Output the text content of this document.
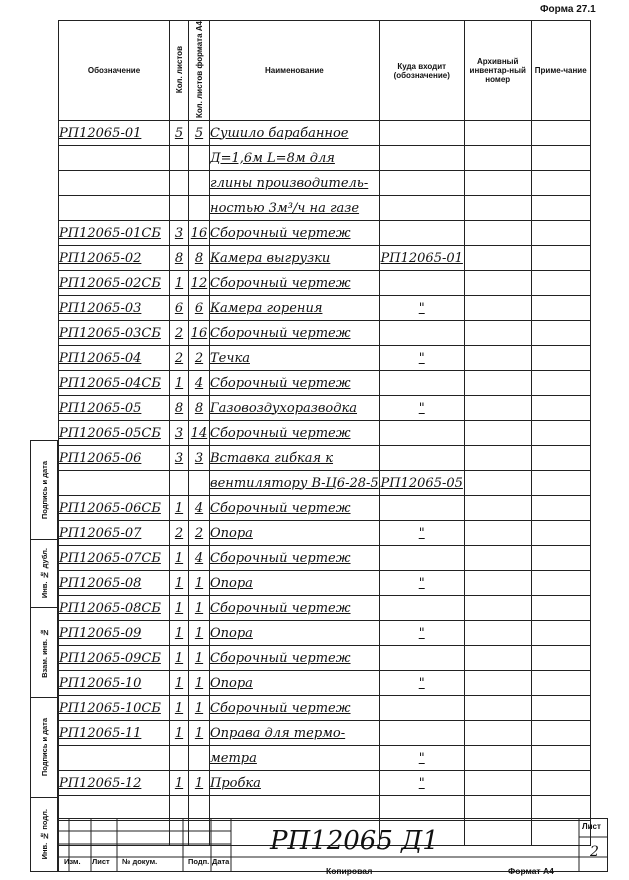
Форма 27.1
Обозначение	Кол. листов	Кол. листов формата А4	Наименование	Куда входит (обозначение)	Архивный инвентар-ный номер	Приме-чание
РП12065-01	5	5	Сушило барабанное			
			Д=1,6м L=8м для			
			глины производитель-			
			ностью 3м³/ч на газе			
РП12065-01СБ	3	16	Сборочный чертеж			
РП12065-02	8	8	Камера выгрузки	РП12065-01		
РП12065-02СБ	1	12	Сборочный чертеж			
РП12065-03	6	6	Камера горения	"		
РП12065-03СБ	2	16	Сборочный чертеж			
РП12065-04	2	2	Течка	"		
РП12065-04СБ	1	4	Сборочный чертеж			
РП12065-05	8	8	Газовоздухоразводка	"		
РП12065-05СБ	3	14	Сборочный чертеж			
РП12065-06	3	3	Вставка гибкая к			
			вентилятору В-Ц6-28-5	РП12065-05		
РП12065-06СБ	1	4	Сборочный чертеж			
РП12065-07	2	2	Опора	"		
РП12065-07СБ	1	4	Сборочный чертеж			
РП12065-08	1	1	Опора	"		
РП12065-08СБ	1	1	Сборочный чертеж			
РП12065-09	1	1	Опора	"		
РП12065-09СБ	1	1	Сборочный чертеж			
РП12065-10	1	1	Опора	"		
РП12065-10СБ	1	1	Сборочный чертеж			
РП12065-11	1	1	Оправа для термо-			
			метра	"		
РП12065-12	1	1	Пробка	"		

Подпись и дата
Инв. № дубл.
Взам. инв. №
Подпись и дата
Инв. № подл.	РП12065 Д1	Лист
2
Изм. Лист № докум.	Подп. Дата
Копировал	Формат А4
